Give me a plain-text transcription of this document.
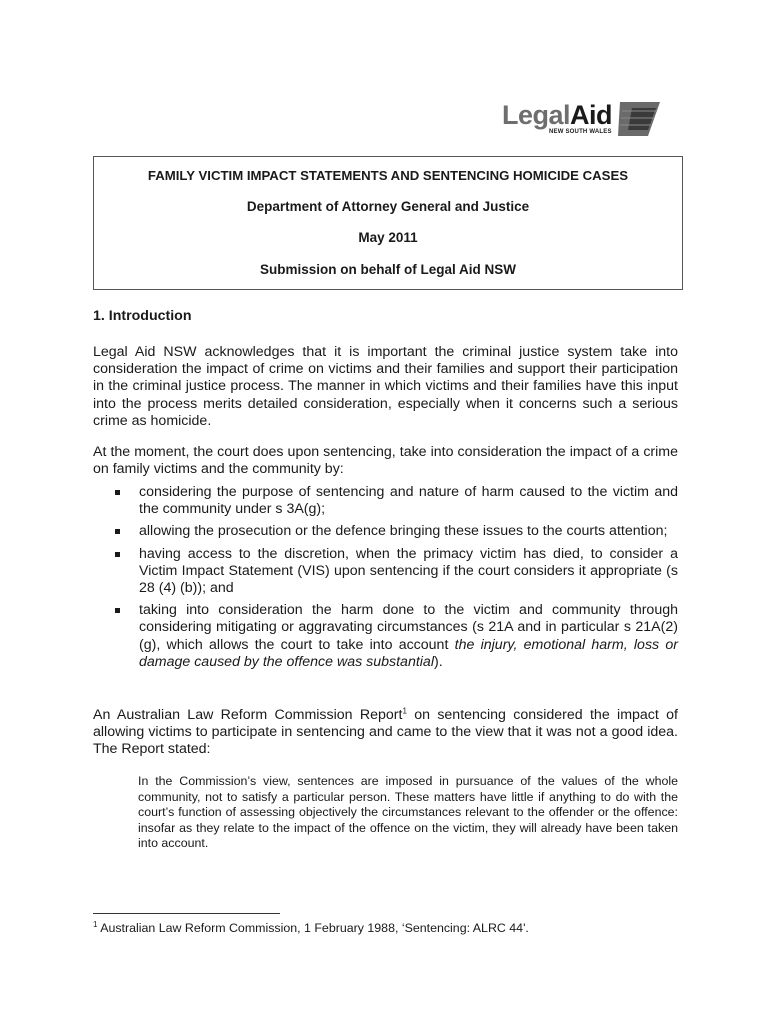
LegalAid
NEW SOUTH WALES
FAMILY VICTIM IMPACT STATEMENTS AND SENTENCING HOMICIDE CASES
Department of Attorney General and Justice
May 2011
Submission on behalf of Legal Aid NSW
1. Introduction

Legal Aid NSW acknowledges that it is important the criminal justice system take into consideration the impact of crime on victims and their families and support their participation in the criminal justice process. The manner in which victims and their families have this input into the process merits detailed consideration, especially when it concerns such a serious crime as homicide.

At the moment, the court does upon sentencing, take into consideration the impact of a crime on family victims and the community by:

considering the purpose of sentencing and nature of harm caused to the victim and the community under s 3A(g);
allowing the prosecution or the defence bringing these issues to the courts attention;
having access to the discretion, when the primacy victim has died, to consider a Victim Impact Statement (VIS) upon sentencing if the court considers it appropriate (s 28 (4) (b)); and
taking into consideration the harm done to the victim and community through considering mitigating or aggravating circumstances (s 21A and in particular s 21A(2)(g), which allows the court to take into account the injury, emotional harm, loss or damage caused by the offence was substantial).

An Australian Law Reform Commission Report$^1$ on sentencing considered the impact of allowing victims to participate in sentencing and came to the view that it was not a good idea. The Report stated:

In the Commission’s view, sentences are imposed in pursuance of the values of the whole community, not to satisfy a particular person. These matters have little if anything to do with the court’s function of assessing objectively the circumstances relevant to the offender or the offence: insofar as they relate to the impact of the offence on the victim, they will already have been taken into account.

$^1$ Australian Law Reform Commission, 1 February 1988, ‘Sentencing: ALRC 44'.
